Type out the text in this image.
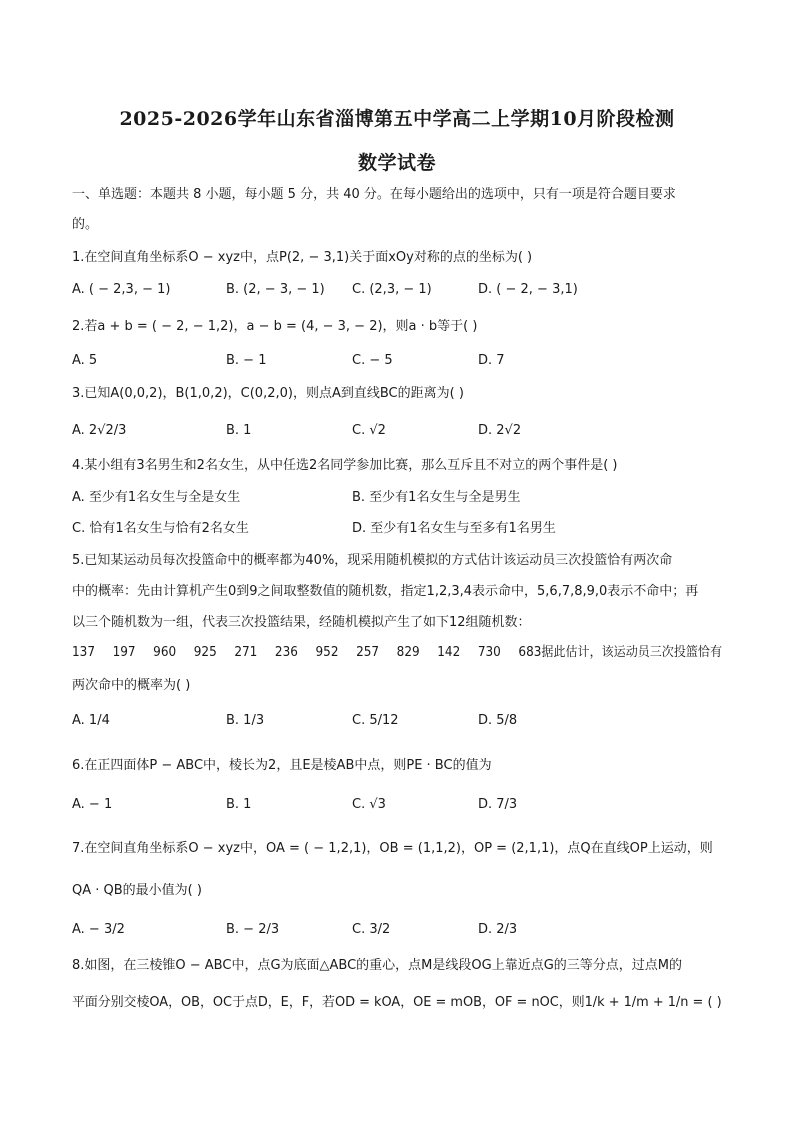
2025-2026学年山东省淄博第五中学高二上学期10月阶段检测
数学试卷
一、单选题：本题共 8 小题，每小题 5 分，共 40 分。在每小题给出的选项中，只有一项是符合题目要求
的。
1.在空间直角坐标系O − xyz中，点P(2, − 3,1)关于面xOy对称的点的坐标为( )
A. ( − 2,3, − 1)	B. (2, − 3, − 1) C. (2,3, − 1)	D. ( − 2, − 3,1)
2.若a + b = ( − 2, − 1,2)，a − b = (4, − 3, − 2)，则a · b等于( )
A. 5	B. − 1	C. − 5	D. 7
3.已知A(0,0,2)，B(1,0,2)，C(0,2,0)，则点A到直线BC的距离为( )
A. 2√2/3	B. 1	C. √2	D. 2√2
4.某小组有3名男生和2名女生，从中任选2名同学参加比赛，那么互斥且不对立的两个事件是( )
A. 至少有1名女生与全是女生	B. 至少有1名女生与全是男生
C. 恰有1名女生与恰有2名女生	D. 至少有1名女生与至多有1名男生
5.已知某运动员每次投篮命中的概率都为40%，现采用随机模拟的方式估计该运动员三次投篮恰有两次命
中的概率：先由计算机产生0到9之间取整数值的随机数，指定1,2,3,4表示命中，5,6,7,8,9,0表示不命中；再
以三个随机数为一组，代表三次投篮结果，经随机模拟产生了如下12组随机数：
137 197 960 925 271 236 952 257 829 142 730 683据此估计，该运动员三次投篮恰有
两次命中的概率为( )
A. 1/4	B. 1/3	C. 5/12	D. 5/8
6.在正四面体P − ABC中，棱长为2，且E是棱AB中点，则PE · BC的值为
A. − 1	B. 1	C. √3	D. 7/3
7.在空间直角坐标系O − xyz中，OA = ( − 1,2,1)，OB = (1,1,2)，OP = (2,1,1)，点Q在直线OP上运动，则
QA · QB的最小值为( )
A. − 3/2	B. − 2/3	C. 3/2	D. 2/3
8.如图，在三棱锥O − ABC中，点G为底面△ABC的重心，点M是线段OG上靠近点G的三等分点，过点M的
平面分别交棱OA，OB，OC于点D，E，F，若OD = kOA，OE = mOB，OF = nOC，则1/k + 1/m + 1/n = ( )
